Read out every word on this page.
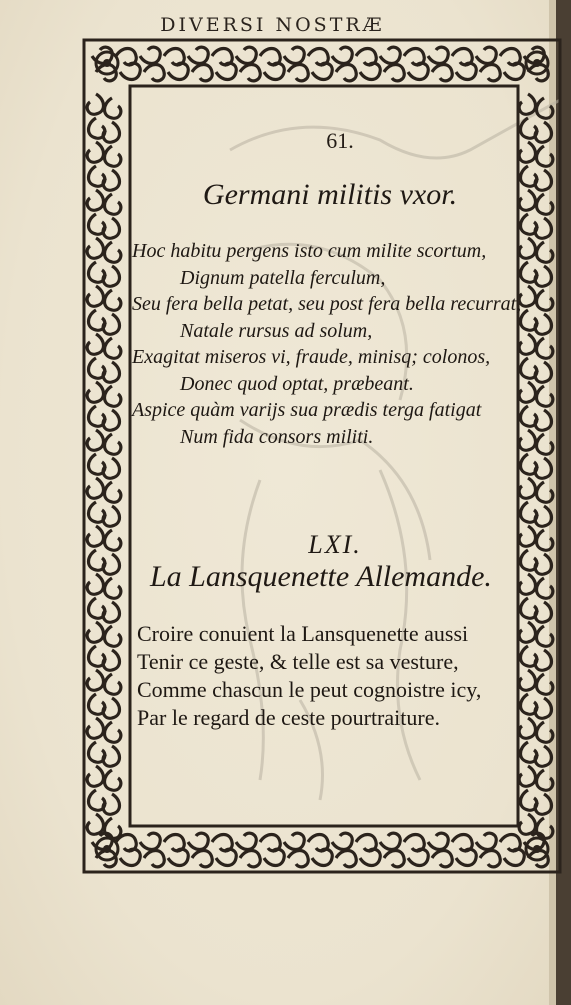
DIVERSI NOSTRÆ
61.
Germani militis vxor.
Hoc habitu pergens isto cum milite scortum,
Dignum patella ferculum,
Seu fera bella petat, seu post fera bella recurrat,
Natale rursus ad solum,
Exagitat miseros vi, fraude, minisq; colonos,
Donec quod optat, præbeant.
Aspice quàm varijs sua prædis terga fatigat
Num fida consors militi.
LXI.
La Lansquenette Allemande.
Croire conuient la Lansquenette aussi
Tenir ce geste, & telle est sa vesture,
Comme chascun le peut cognoistre icy,
Par le regard de ceste pourtraiture.
